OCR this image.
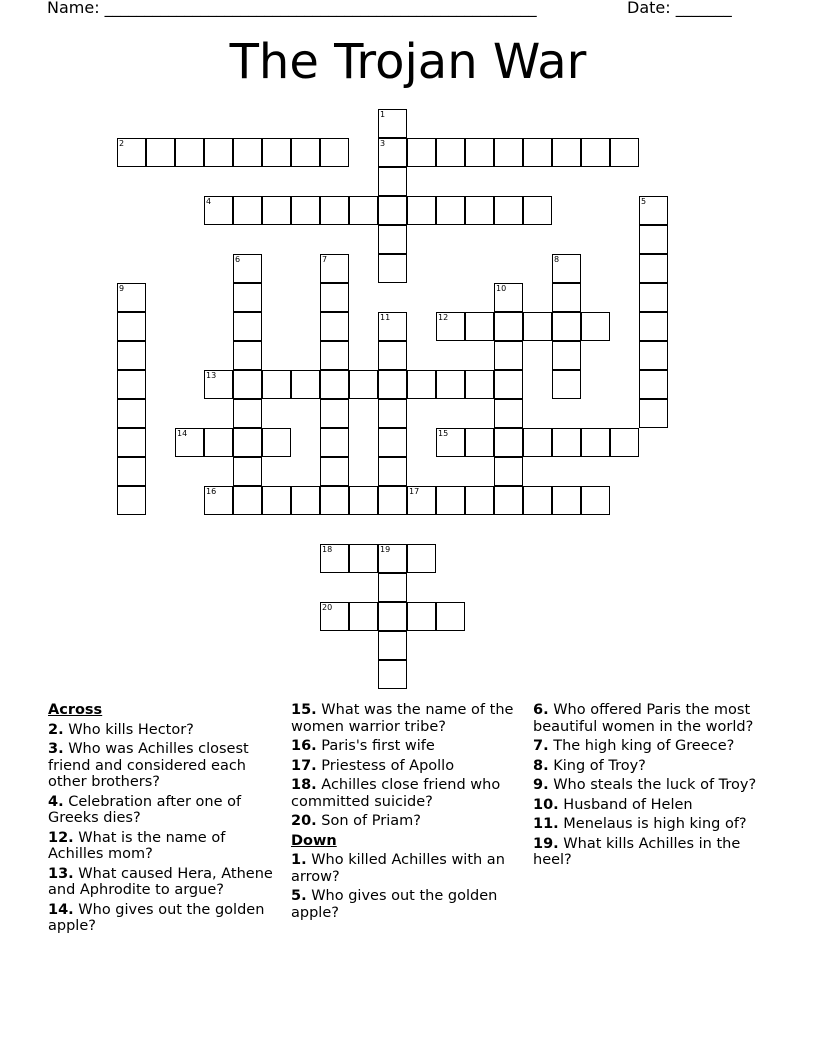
Name: ______________________________________________________	Date: _______
The Trojan War
1
3
2
4	5
6	7	8
9	10
11	12
13
14	15
16	17
18	19
20
Across
2. Who kills Hector?
3. Who was Achilles closest friend and considered each other brothers?
4. Celebration after one of Greeks dies?
12. What is the name of Achilles mom?
13. What caused Hera, Athene and Aphrodite to argue?
14. Who gives out the golden apple?
15. What was the name of the women warrior tribe?
16. Paris's first wife
17. Priestess of Apollo
18. Achilles close friend who committed suicide?
20. Son of Priam?
Down
1. Who killed Achilles with an arrow?
5. Who gives out the golden apple?
6. Who offered Paris the most beautiful women in the world?
7. The high king of Greece?
8. King of Troy?
9. Who steals the luck of Troy?
10. Husband of Helen
11. Menelaus is high king of?
19. What kills Achilles in the heel?
